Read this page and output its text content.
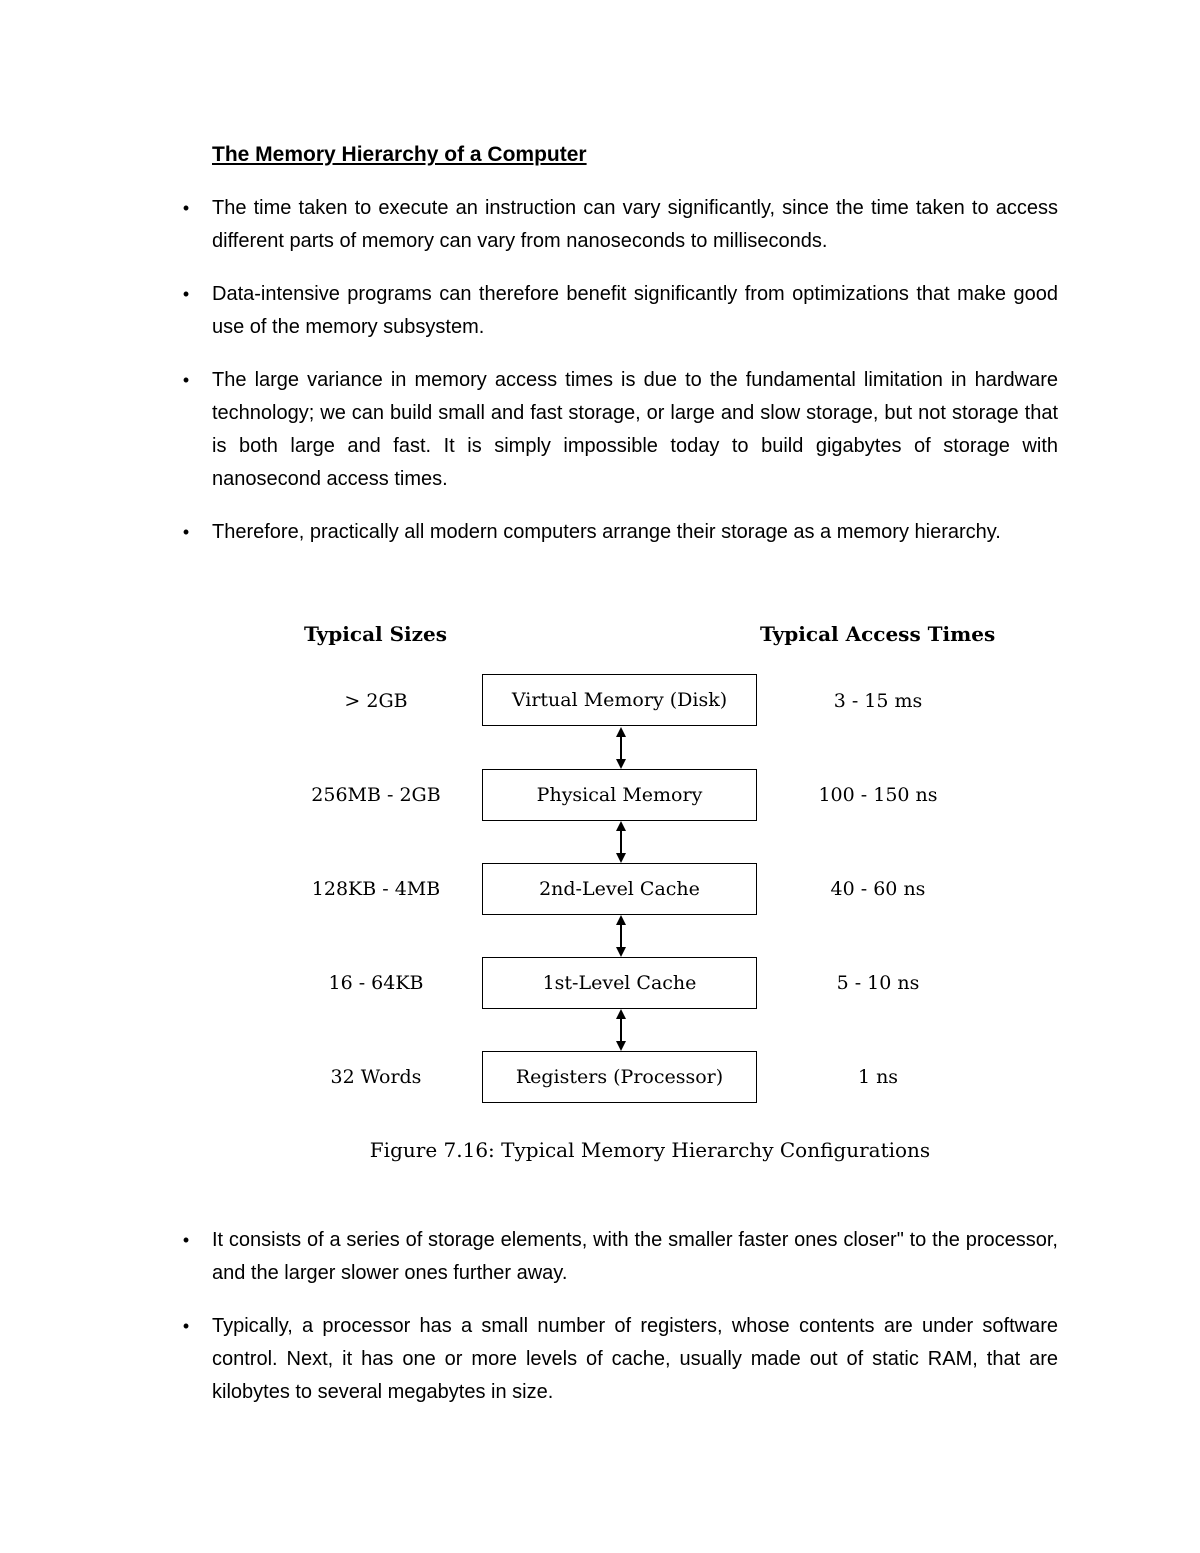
The Memory Hierarchy of a Computer
•	The time taken to execute an instruction can vary significantly, since the time taken to access different parts of memory can vary from nanoseconds to milliseconds.
•	Data-intensive programs can therefore benefit significantly from optimizations that make good use of the memory subsystem.
•	The large variance in memory access times is due to the fundamental limitation in hardware technology; we can build small and fast storage, or large and slow storage, but not storage that is both large and fast. It is simply impossible today to build gigabytes of storage with nanosecond access times.
•	Therefore, practically all modern computers arrange their storage as a memory hierarchy.
Typical Sizes	Typical Access Times
> 2GB	Virtual Memory (Disk)	3 - 15 ms
256MB - 2GB	Physical Memory	100 - 150 ns
128KB - 4MB	2nd-Level Cache	40 - 60 ns
16 - 64KB	1st-Level Cache	5 - 10 ns
32 Words	Registers (Processor)	1 ns
Figure 7.16: Typical Memory Hierarchy Configurations
•	It consists of a series of storage elements, with the smaller faster ones closer" to the processor, and the larger slower ones further away.
•	Typically, a processor has a small number of registers, whose contents are under software control. Next, it has one or more levels of cache, usually made out of static RAM, that are kilobytes to several megabytes in size.
